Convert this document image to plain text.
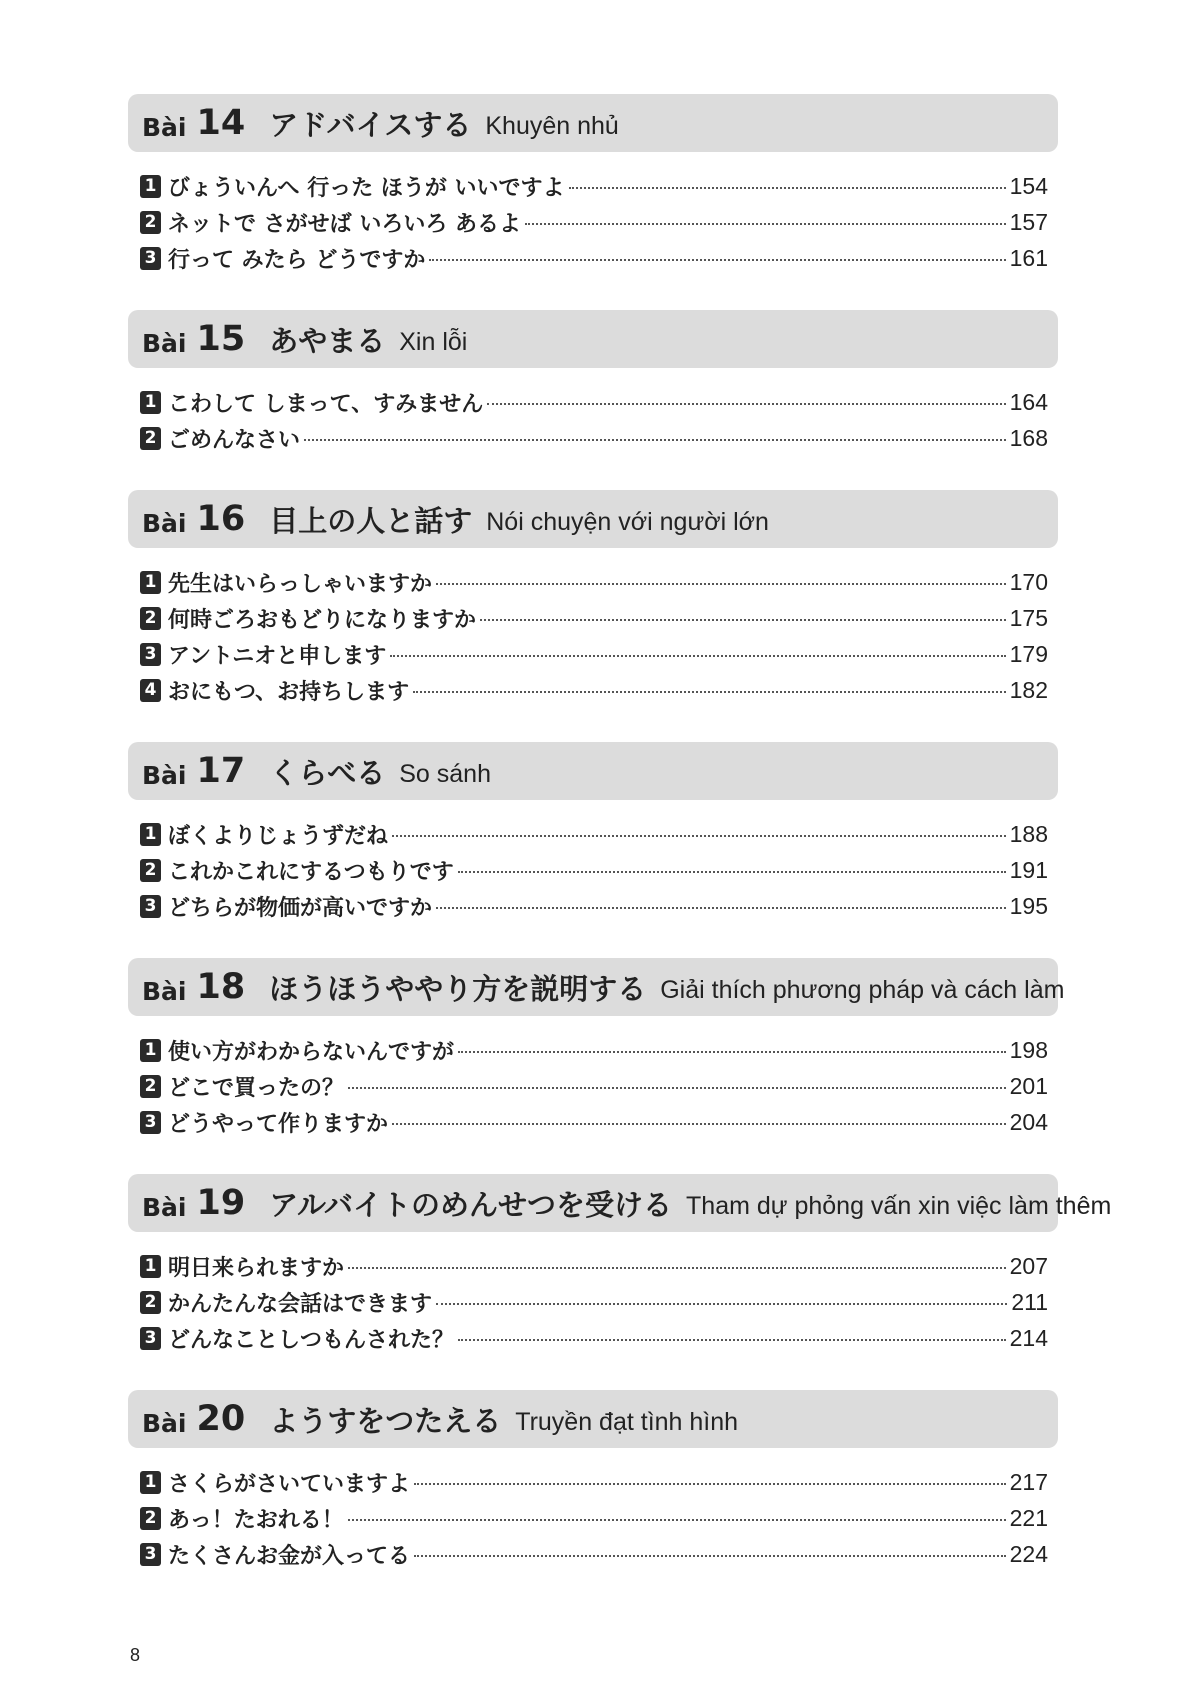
Bài 14 アドバイスする Khuyên nhủ
1 びょういんへ 行った ほうが いいですよ	154
2 ネットで さがせば いろいろ あるよ	157
3 行って みたら どうですか	161
Bài 15 あやまる Xin lỗi
1 こわして しまって、すみません	164
2 ごめんなさい	168
Bài 16 目上の人と話す Nói chuyện với người lớn
1 先生はいらっしゃいますか	170
2 何時ごろおもどりになりますか	175
3 アントニオと申します	179
4 おにもつ、お持ちします	182
Bài 17 くらべる So sánh
1 ぼくよりじょうずだね	188
2 これかこれにするつもりです	191
3 どちらが物価が高いですか	195
Bài 18 ほうほうややり方を説明する Giải thích phương pháp và cách làm
1 使い方がわからないんですが	198
2 どこで買ったの？	201
3 どうやって作りますか	204
Bài 19 アルバイトのめんせつを受ける Tham dự phỏng vấn xin việc làm thêm
1 明日来られますか	207
2 かんたんな会話はできます	211
3 どんなことしつもんされた？	214
Bài 20 ようすをつたえる Truyền đạt tình hình
1 さくらがさいていますよ	217
2 あっ！たおれる！	221
3 たくさんお金が入ってる	224
8
